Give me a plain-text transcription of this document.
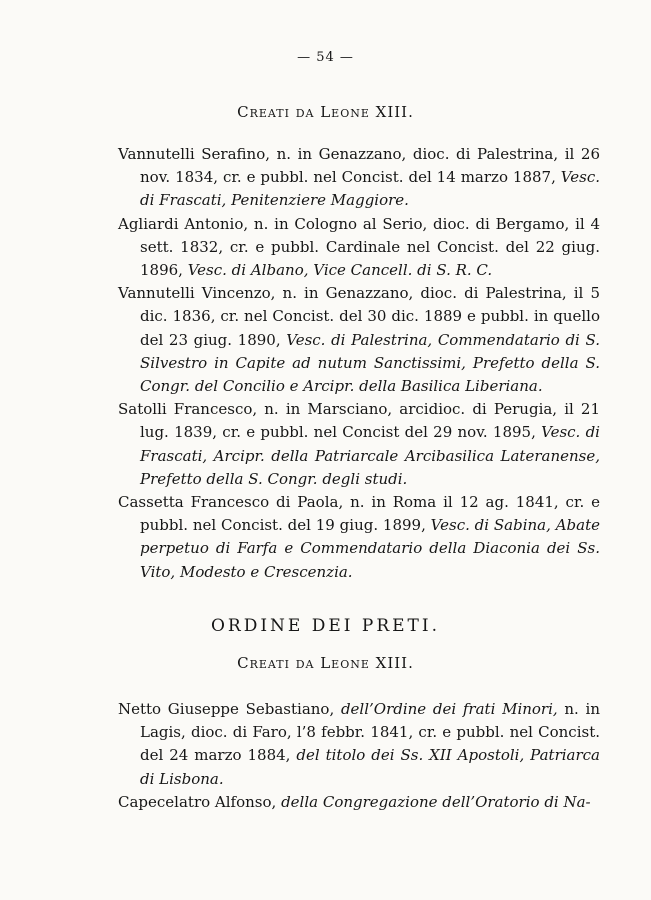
— 54 —
Creati da Leone XIII.

Vannutelli Serafino, n. in Genazzano, dioc. di Palestrina, il 26 nov. 1834, cr. e pubbl. nel Concist. del 14 marzo 1887, Vesc. di Frascati, Penitenziere Maggiore.

Agliardi Antonio, n. in Cologno al Serio, dioc. di Bergamo, il 4 sett. 1832, cr. e pubbl. Cardinale nel Concist. del 22 giug. 1896, Vesc. di Albano, Vice Cancell. di S. R. C.

Vannutelli Vincenzo, n. in Genazzano, dioc. di Palestrina, il 5 dic. 1836, cr. nel Concist. del 30 dic. 1889 e pubbl. in quello del 23 giug. 1890, Vesc. di Palestrina, Commendatario di S. Silvestro in Capite ad nutum Sanctissimi, Prefetto della S. Congr. del Concilio e Arcipr. della Basilica Liberiana.

Satolli Francesco, n. in Marsciano, arcidioc. di Perugia, il 21 lug. 1839, cr. e pubbl. nel Concist del 29 nov. 1895, Vesc. di Frascati, Arcipr. della Patriarcale Arcibasilica Lateranense, Prefetto della S. Congr. degli studi.

Cassetta Francesco di Paola, n. in Roma il 12 ag. 1841, cr. e pubbl. nel Concist. del 19 giug. 1899, Vesc. di Sabina, Abate perpetuo di Farfa e Commendatario della Diaconia dei Ss. Vito, Modesto e Crescenzia.

ORDINE DEI PRETI.
Creati da Leone XIII.

Netto Giuseppe Sebastiano, dell’Ordine dei frati Minori, n. in Lagis, dioc. di Faro, l’8 febbr. 1841, cr. e pubbl. nel Concist. del 24 marzo 1884, del titolo dei Ss. XII Apostoli, Patriarca di Lisbona.

Capecelatro Alfonso, della Congregazione dell’Oratorio di Na-
